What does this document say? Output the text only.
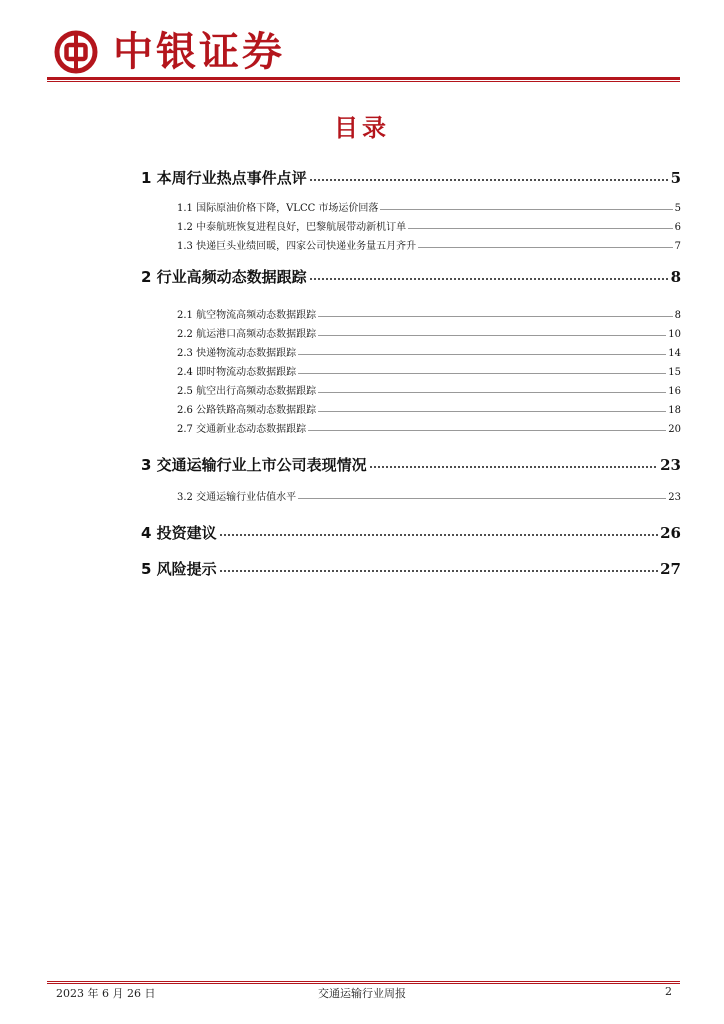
中银证券
目录
1 本周行业热点事件点评	5
1.1 国际原油价格下降，VLCC 市场运价回落	5
1.2 中泰航班恢复进程良好，巴黎航展带动新机订单	6
1.3 快递巨头业绩回暖，四家公司快递业务量五月齐升	7
2 行业高频动态数据跟踪	8
2.1 航空物流高频动态数据跟踪	8
2.2 航运港口高频动态数据跟踪	10
2.3 快递物流动态数据跟踪	14
2.4 即时物流动态数据跟踪	15
2.5 航空出行高频动态数据跟踪	16
2.6 公路铁路高频动态数据跟踪	18
2.7 交通新业态动态数据跟踪	20
3 交通运输行业上市公司表现情况	23
3.2 交通运输行业估值水平	23
4 投资建议	26
5 风险提示	27
2023 年 6 月 26 日	交通运输行业周报	2
